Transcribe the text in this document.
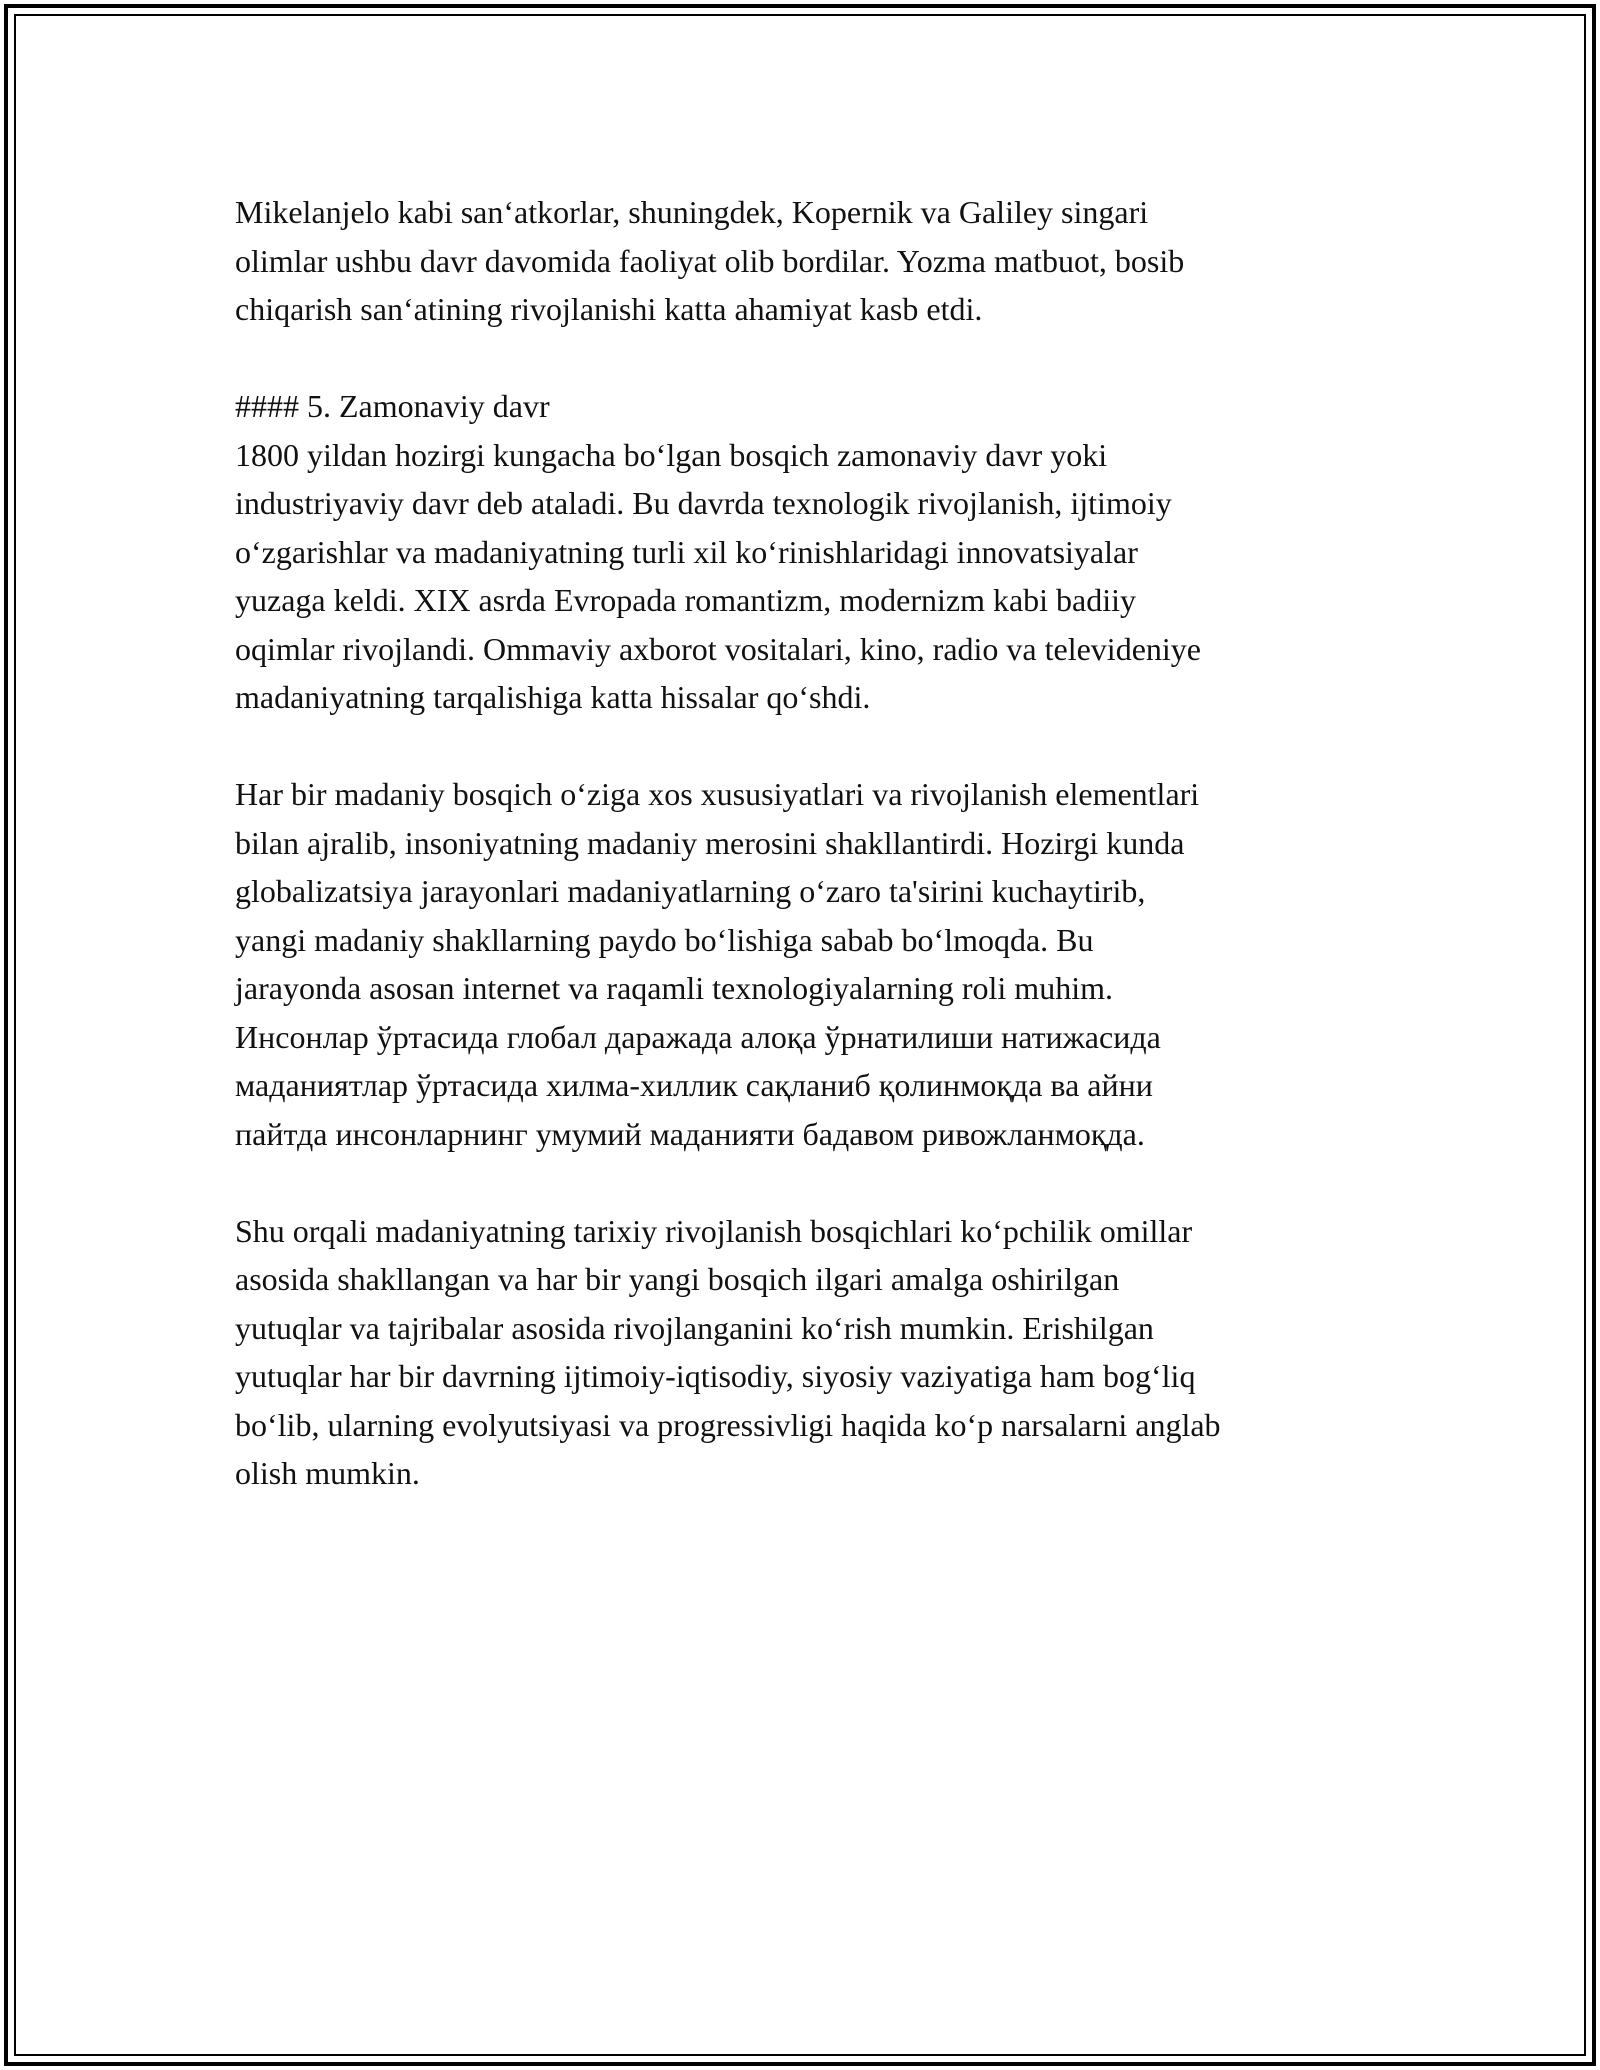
Mikelanjelo kabi san‘atkorlar, shuningdek, Kopernik va Galiley singari
olimlar ushbu davr davomida faoliyat olib bordilar. Yozma matbuot, bosib
chiqarish san‘atining rivojlanishi katta ahamiyat kasb etdi.
#### 5. Zamonaviy davr
1800 yildan hozirgi kungacha bo‘lgan bosqich zamonaviy davr yoki
industriyaviy davr deb ataladi. Bu davrda texnologik rivojlanish, ijtimoiy
o‘zgarishlar va madaniyatning turli xil ko‘rinishlaridagi innovatsiyalar
yuzaga keldi. XIX asrda Evropada romantizm, modernizm kabi badiiy
oqimlar rivojlandi. Ommaviy axborot vositalari, kino, radio va televideniye
madaniyatning tarqalishiga katta hissalar qo‘shdi.
Har bir madaniy bosqich o‘ziga xos xususiyatlari va rivojlanish elementlari
bilan ajralib, insoniyatning madaniy merosini shakllantirdi. Hozirgi kunda
globalizatsiya jarayonlari madaniyatlarning o‘zaro ta'sirini kuchaytirib,
yangi madaniy shakllarning paydo bo‘lishiga sabab bo‘lmoqda. Bu
jarayonda asosan internet va raqamli texnologiyalarning roli muhim.
Инсонлар ўртасида глобал даражада алоқа ўрнатилиши натижасида
маданиятлар ўртасида хилма-хиллик сақланиб қолинмоқда ва айни
пайтда инсонларнинг умумий маданияти бадавом ривожланмоқда.
Shu orqali madaniyatning tarixiy rivojlanish bosqichlari ko‘pchilik omillar
asosida shakllangan va har bir yangi bosqich ilgari amalga oshirilgan
yutuqlar va tajribalar asosida rivojlanganini ko‘rish mumkin. Erishilgan
yutuqlar har bir davrning ijtimoiy-iqtisodiy, siyosiy vaziyatiga ham bog‘liq
bo‘lib, ularning evolyutsiyasi va progressivligi haqida ko‘p narsalarni anglab
olish mumkin.
